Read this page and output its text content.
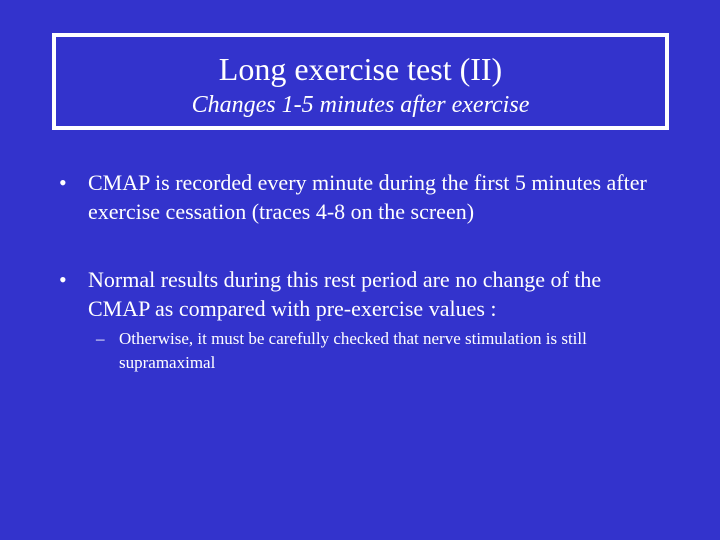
Long exercise test (II)
Changes 1-5 minutes after exercise
• CMAP is recorded every minute during the first 5 minutes after exercise cessation (traces 4-8 on the screen)
• Normal results during this rest period are no change of the CMAP as compared with pre-exercise values :
– Otherwise, it must be carefully checked that nerve stimulation is still supramaximal
